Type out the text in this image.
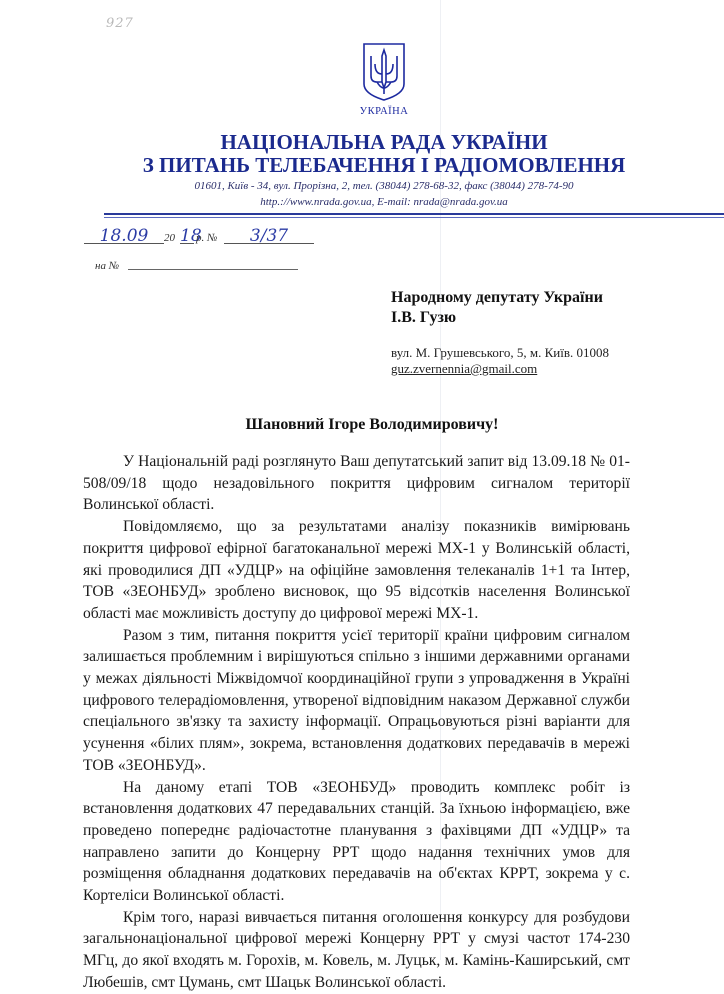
927
УКРАЇНА
НАЦІОНАЛЬНА РАДА УКРАЇНИ
З ПИТАНЬ ТЕЛЕБАЧЕННЯ І РАДІОМОВЛЕННЯ
01601, Київ - 34, вул. Прорізна, 2, тел. (38044) 278-68-32, факс (38044) 278-74-90
http.://www.nrada.gov.ua, E-mail: nrada@nrada.gov.ua
18.09	20 18
р. №	3/37
на №
Народному депутату України
І.В. Гузю
вул. М. Грушевського, 5, м. Київ. 01008
guz.zvernennia@gmail.com
Шановний Ігоре Володимировичу!

У Національній раді розглянуто Ваш депутатський запит від 13.09.18 № 01-508/09/18 щодо незадовільного покриття цифровим сигналом території Волинської області.

Повідомляємо, що за результатами аналізу показників вимірювань покриття цифрової ефірної багатоканальної мережі МХ-1 у Волинській області, які проводилися ДП «УДЦР» на офіційне замовлення телеканалів 1+1 та Інтер, ТОВ «ЗЕОНБУД» зроблено висновок, що 95 відсотків населення Волинської області має можливість доступу до цифрової мережі МХ-1.

Разом з тим, питання покриття усієї території країни цифровим сигналом залишається проблемним і вирішуються спільно з іншими державними органами у межах діяльності Міжвідомчої координаційної групи з упровадження в Україні цифрового телерадіомовлення, утвореної відповідним наказом Державної служби спеціального зв'язку та захисту інформації. Опрацьовуються різні варіанти для усунення «білих плям», зокрема, встановлення додаткових передавачів в мережі ТОВ «ЗЕОНБУД».

На даному етапі ТОВ «ЗЕОНБУД» проводить комплекс робіт із встановлення додаткових 47 передавальних станцій. За їхньою інформацією, вже проведено попереднє радіочастотне планування з фахівцями ДП «УДЦР» та направлено запити до Концерну РРТ щодо надання технічних умов для розміщення обладнання додаткових передавачів на об'єктах КРРТ, зокрема у с. Кортеліси Волинської області.

Крім того, наразі вивчається питання оголошення конкурсу для розбудови загальнонаціональної цифрової мережі Концерну РРТ у смузі частот 174-230 МГц, до якої входять м. Горохів, м. Ковель, м. Луцьк, м. Камінь-Каширський, смт Любешів, смт Цумань, смт Шацьк Волинської області.
